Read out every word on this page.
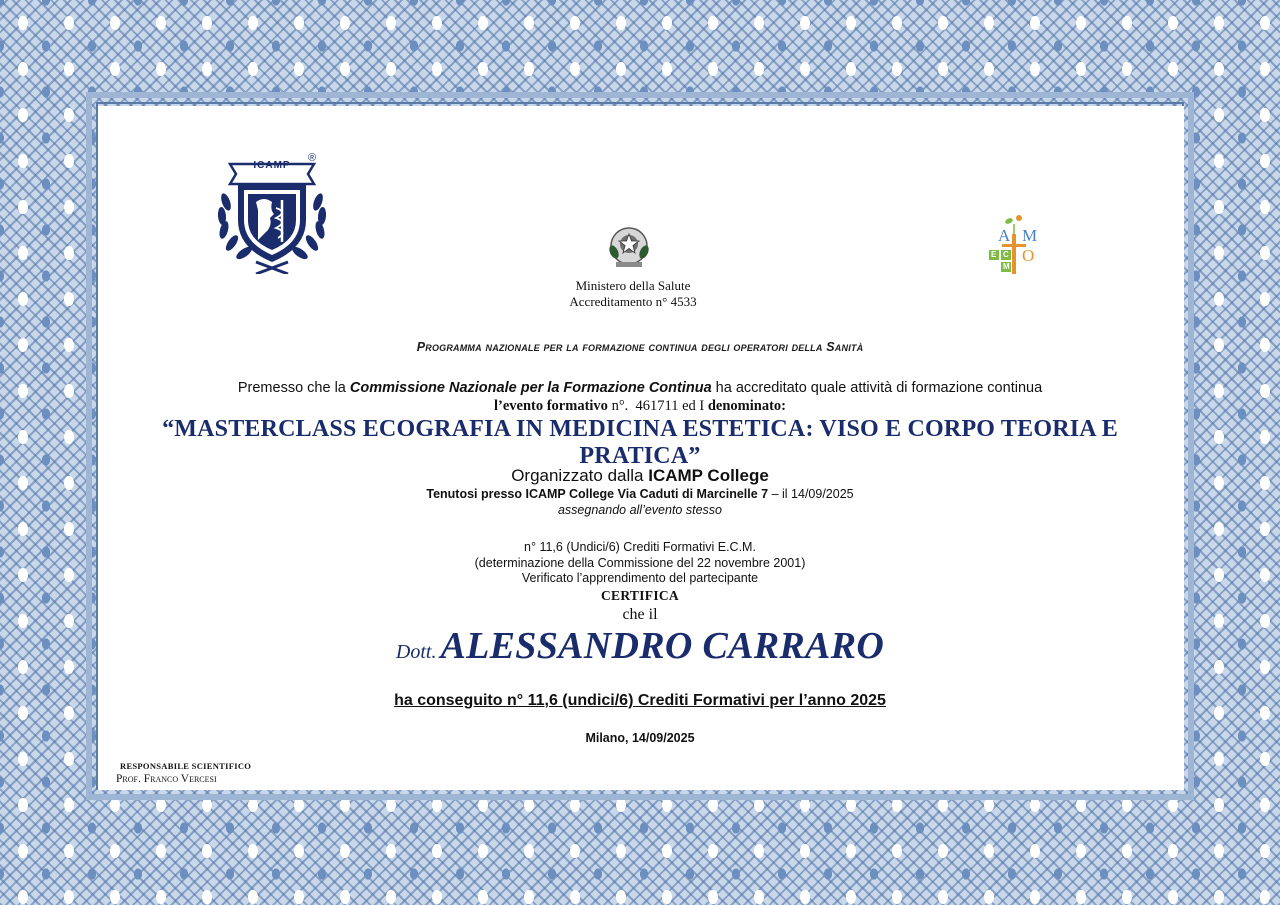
ICAMP
®
Ministero della Salute
Accreditamento n° 4533
A M
O
E C
M
Programma nazionale per la formazione continua degli operatori della Sanità
Premesso che la Commissione Nazionale per la Formazione Continua ha accreditato quale attività di formazione continua
l’evento formativo n°.  461711 ed I denominato:
“MASTERCLASS ECOGRAFIA IN MEDICINA ESTETICA: VISO E CORPO TEORIA E PRATICA”
Organizzato dalla ICAMP College
Tenutosi presso ICAMP College Via Caduti di Marcinelle 7 – il 14/09/2025
assegnando all’evento stesso
n° 11,6 (Undici/6) Crediti Formativi E.C.M.
(determinazione della Commissione del 22 novembre 2001)
Verificato l’apprendimento del partecipante
CERTIFICA
che il
Dott. ALESSANDRO CARRARO
ha conseguito n° 11,6 (undici/6) Crediti Formativi per l’anno 2025
Milano, 14/09/2025
RESPONSABILE SCIENTIFICO
Prof. Franco Vercesi
